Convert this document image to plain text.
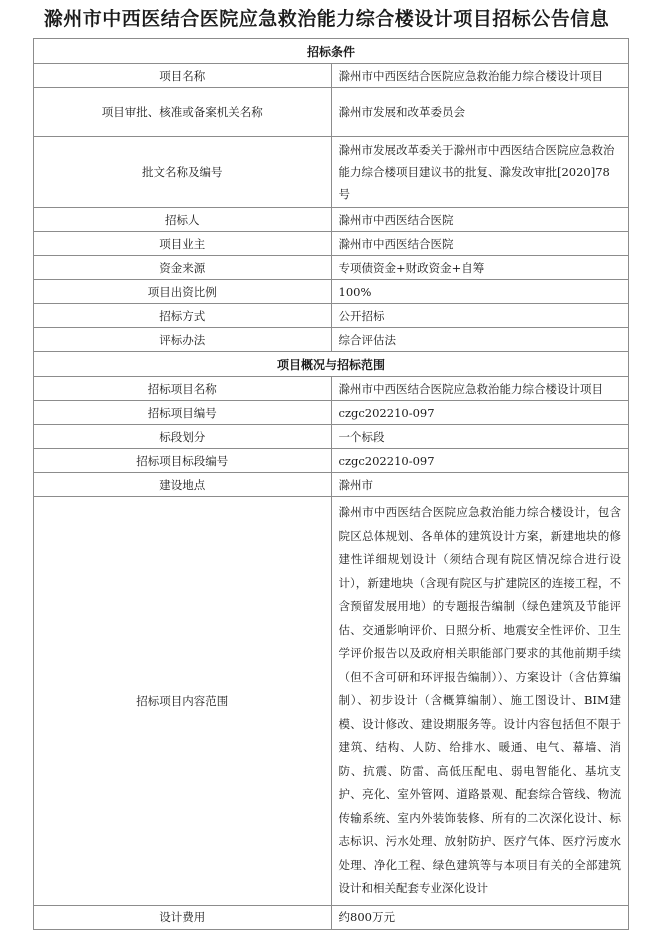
滁州市中西医结合医院应急救治能力综合楼设计项目招标公告信息
招标条件	
项目名称	滁州市中西医结合医院应急救治能力综合楼设计项目
项目审批、核准或备案机关名称	滁州市发展和改革委员会
批文名称及编号	滁州市发展改革委关于滁州市中西医结合医院应急救治能力综合楼项目建议书的批复、滁发改审批[2020]78号
招标人	滁州市中西医结合医院
项目业主	滁州市中西医结合医院
资金来源	专项债资金+财政资金+自筹
项目出资比例	100%
招标方式	公开招标
评标办法	综合评估法
项目概况与招标范围	
招标项目名称	滁州市中西医结合医院应急救治能力综合楼设计项目
招标项目编号	czgc202210-097
标段划分	一个标段
招标项目标段编号	czgc202210-097
建设地点	滁州市
招标项目内容范围	滁州市中西医结合医院应急救治能力综合楼设计，包含院区总体规划、各单体的建筑设计方案，新建地块的修建性详细规划设计（须结合现有院区情况综合进行设计），新建地块（含现有院区与扩建院区的连接工程，不含预留发展用地）的专题报告编制（绿色建筑及节能评估、交通影响评价、日照分析、地震安全性评价、卫生学评价报告以及政府相关职能部门要求的其他前期手续（但不含可研和环评报告编制））、方案设计（含估算编制）、初步设计（含概算编制）、施工图设计、BIM建模、设计修改、建设期服务等。设计内容包括但不限于建筑、结构、人防、给排水、暖通、电气、幕墙、消防、抗震、防雷、高低压配电、弱电智能化、基坑支护、亮化、室外管网、道路景观、配套综合管线、物流传输系统、室内外装饰装修、所有的二次深化设计、标志标识、污水处理、放射防护、医疗气体、医疗污废水处理、净化工程、绿色建筑等与本项目有关的全部建筑设计和相关配套专业深化设计
设计费用	约800万元
